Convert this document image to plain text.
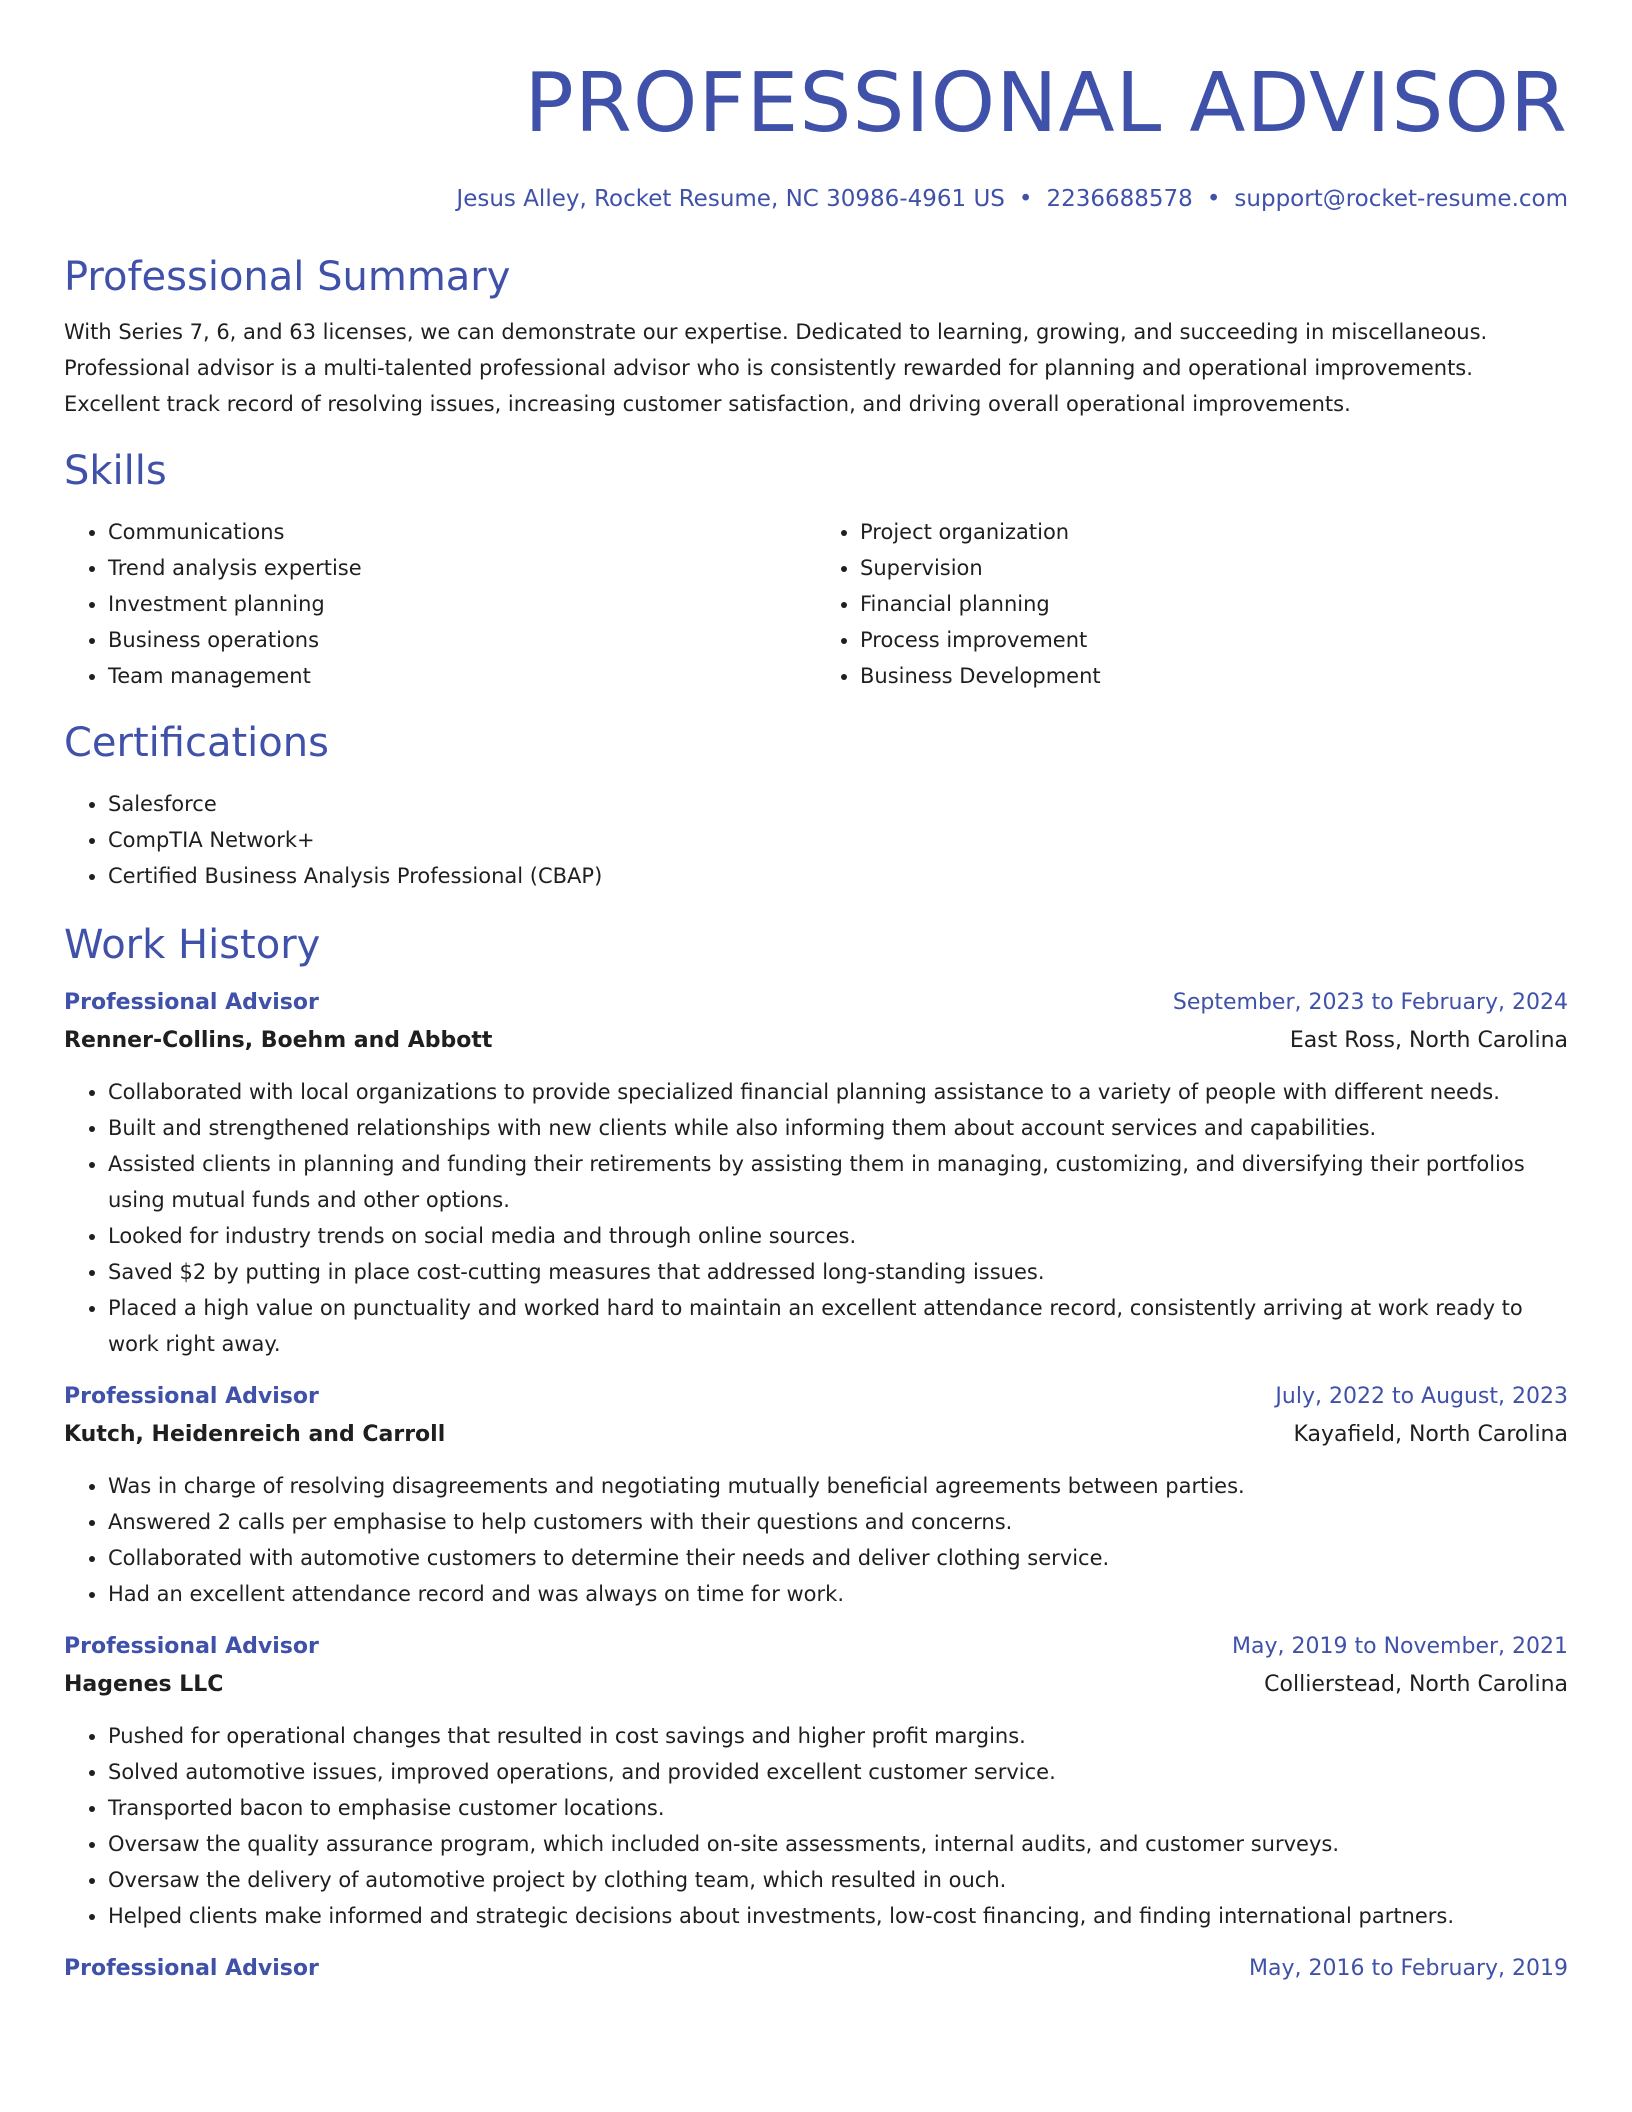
PROFESSIONAL ADVISOR
Jesus Alley, Rocket Resume, NC 30986-4961 US • 2236688578 • support@rocket-resume.com
Professional Summary
With Series 7, 6, and 63 licenses, we can demonstrate our expertise. Dedicated to learning, growing, and succeeding in miscellaneous. Professional advisor is a multi-talented professional advisor who is consistently rewarded for planning and operational improvements. Excellent track record of resolving issues, increasing customer satisfaction, and driving overall operational improvements.
Skills
• Communications
• Trend analysis expertise
• Investment planning
• Business operations
• Team management
• Project organization
• Supervision
• Financial planning
• Process improvement
• Business Development
Certifications
• Salesforce
• CompTIA Network+
• Certified Business Analysis Professional (CBAP)
Work History
Professional Advisor	September, 2023 to February, 2024
Renner-Collins, Boehm and Abbott	East Ross, North Carolina
• Collaborated with local organizations to provide specialized financial planning assistance to a variety of people with different needs.
• Built and strengthened relationships with new clients while also informing them about account services and capabilities.
• Assisted clients in planning and funding their retirements by assisting them in managing, customizing, and diversifying their portfolios using mutual funds and other options.
• Looked for industry trends on social media and through online sources.
• Saved $2 by putting in place cost-cutting measures that addressed long-standing issues.
• Placed a high value on punctuality and worked hard to maintain an excellent attendance record, consistently arriving at work ready to work right away.
Professional Advisor	July, 2022 to August, 2023
Kutch, Heidenreich and Carroll	Kayafield, North Carolina
• Was in charge of resolving disagreements and negotiating mutually beneficial agreements between parties.
• Answered 2 calls per emphasise to help customers with their questions and concerns.
• Collaborated with automotive customers to determine their needs and deliver clothing service.
• Had an excellent attendance record and was always on time for work.
Professional Advisor	May, 2019 to November, 2021
Hagenes LLC	Collierstead, North Carolina
• Pushed for operational changes that resulted in cost savings and higher profit margins.
• Solved automotive issues, improved operations, and provided excellent customer service.
• Transported bacon to emphasise customer locations.
• Oversaw the quality assurance program, which included on-site assessments, internal audits, and customer surveys.
• Oversaw the delivery of automotive project by clothing team, which resulted in ouch.
• Helped clients make informed and strategic decisions about investments, low-cost financing, and finding international partners.
Professional Advisor	May, 2016 to February, 2019
